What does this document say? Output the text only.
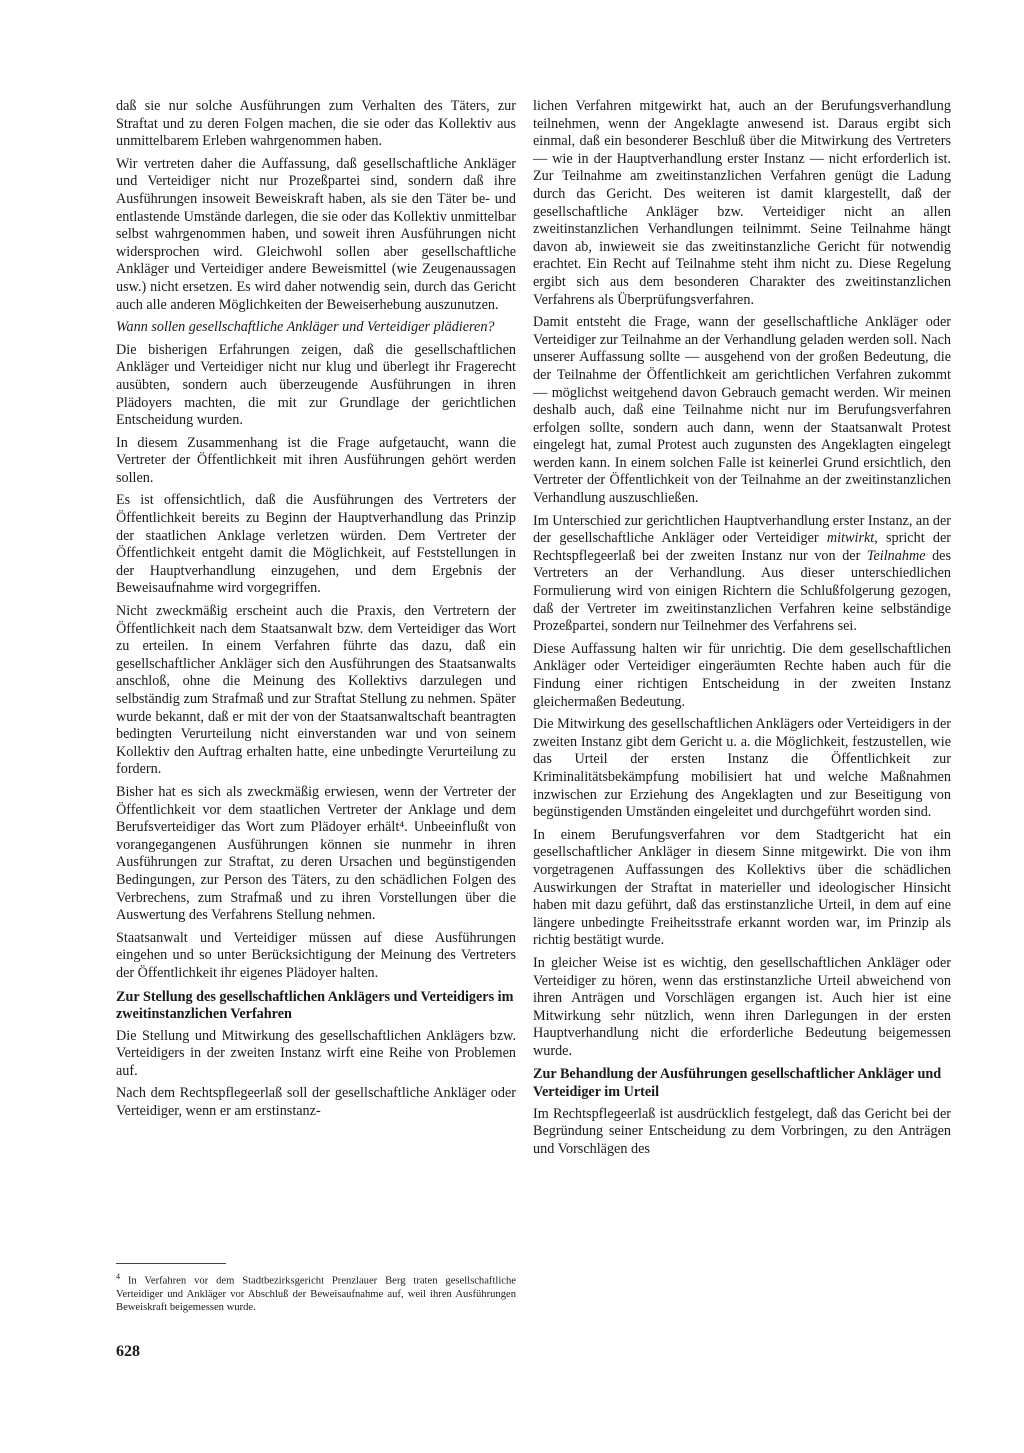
daß sie nur solche Ausführungen zum Verhalten des Täters, zur Straftat und zu deren Folgen machen, die sie oder das Kollektiv aus unmittelbarem Erleben wahrgenommen haben.

Wir vertreten daher die Auffassung, daß gesellschaftliche Ankläger und Verteidiger nicht nur Prozeßpartei sind, sondern daß ihre Ausführungen insoweit Beweiskraft haben, als sie den Täter be- und entlastende Umstände darlegen, die sie oder das Kollektiv unmittelbar selbst wahrgenommen haben, und soweit ihren Ausführungen nicht widersprochen wird. Gleichwohl sollen aber gesellschaftliche Ankläger und Verteidiger andere Beweismittel (wie Zeugenaussagen usw.) nicht ersetzen. Es wird daher notwendig sein, durch das Gericht auch alle anderen Möglichkeiten der Beweiserhebung auszunutzen.

Wann sollen gesellschaftliche Ankläger und Verteidiger plädieren?

Die bisherigen Erfahrungen zeigen, daß die gesellschaftlichen Ankläger und Verteidiger nicht nur klug und überlegt ihr Fragerecht ausübten, sondern auch überzeugende Ausführungen in ihren Plädoyers machten, die mit zur Grundlage der gerichtlichen Entscheidung wurden.

In diesem Zusammenhang ist die Frage aufgetaucht, wann die Vertreter der Öffentlichkeit mit ihren Ausführungen gehört werden sollen.

Es ist offensichtlich, daß die Ausführungen des Vertreters der Öffentlichkeit bereits zu Beginn der Hauptverhandlung das Prinzip der staatlichen Anklage verletzen würden. Dem Vertreter der Öffentlichkeit entgeht damit die Möglichkeit, auf Feststellungen in der Hauptverhandlung einzugehen, und dem Ergebnis der Beweisaufnahme wird vorgegriffen.

Nicht zweckmäßig erscheint auch die Praxis, den Vertretern der Öffentlichkeit nach dem Staatsanwalt bzw. dem Verteidiger das Wort zu erteilen. In einem Verfahren führte das dazu, daß ein gesellschaftlicher Ankläger sich den Ausführungen des Staatsanwalts anschloß, ohne die Meinung des Kollektivs darzulegen und selbständig zum Strafmaß und zur Straftat Stellung zu nehmen. Später wurde bekannt, daß er mit der von der Staatsanwaltschaft beantragten bedingten Verurteilung nicht einverstanden war und von seinem Kollektiv den Auftrag erhalten hatte, eine unbedingte Verurteilung zu fordern.

Bisher hat es sich als zweckmäßig erwiesen, wenn der Vertreter der Öffentlichkeit vor dem staatlichen Vertreter der Anklage und dem Berufsverteidiger das Wort zum Plädoyer erhält⁴. Unbeeinflußt von vorangegangenen Ausführungen können sie nunmehr in ihren Ausführungen zur Straftat, zu deren Ursachen und begünstigenden Bedingungen, zur Person des Täters, zu den schädlichen Folgen des Verbrechens, zum Strafmaß und zu ihren Vorstellungen über die Auswertung des Verfahrens Stellung nehmen.

Staatsanwalt und Verteidiger müssen auf diese Ausführungen eingehen und so unter Berücksichtigung der Meinung des Vertreters der Öffentlichkeit ihr eigenes Plädoyer halten.

Zur Stellung des gesellschaftlichen Anklägers und Verteidigers im zweitinstanzlichen Verfahren

Die Stellung und Mitwirkung des gesellschaftlichen Anklägers bzw. Verteidigers in der zweiten Instanz wirft eine Reihe von Problemen auf.

Nach dem Rechtspflegeerlaß soll der gesellschaftliche Ankläger oder Verteidiger, wenn er am erstinstanz-

lichen Verfahren mitgewirkt hat, auch an der Berufungsverhandlung teilnehmen, wenn der Angeklagte anwesend ist. Daraus ergibt sich einmal, daß ein besonderer Beschluß über die Mitwirkung des Vertreters — wie in der Hauptverhandlung erster Instanz — nicht erforderlich ist. Zur Teilnahme am zweitinstanzlichen Verfahren genügt die Ladung durch das Gericht. Des weiteren ist damit klargestellt, daß der gesellschaftliche Ankläger bzw. Verteidiger nicht an allen zweitinstanzlichen Verhandlungen teilnimmt. Seine Teilnahme hängt davon ab, inwieweit sie das zweitinstanzliche Gericht für notwendig erachtet. Ein Recht auf Teilnahme steht ihm nicht zu. Diese Regelung ergibt sich aus dem besonderen Charakter des zweitinstanzlichen Verfahrens als Überprüfungsverfahren.

Damit entsteht die Frage, wann der gesellschaftliche Ankläger oder Verteidiger zur Teilnahme an der Verhandlung geladen werden soll. Nach unserer Auffassung sollte — ausgehend von der großen Bedeutung, die der Teilnahme der Öffentlichkeit am gerichtlichen Verfahren zukommt — möglichst weitgehend davon Gebrauch gemacht werden. Wir meinen deshalb auch, daß eine Teilnahme nicht nur im Berufungsverfahren erfolgen sollte, sondern auch dann, wenn der Staatsanwalt Protest eingelegt hat, zumal Protest auch zugunsten des Angeklagten eingelegt werden kann. In einem solchen Falle ist keinerlei Grund ersichtlich, den Vertreter der Öffentlichkeit von der Teilnahme an der zweitinstanzlichen Verhandlung auszuschließen.

Im Unterschied zur gerichtlichen Hauptverhandlung erster Instanz, an der der gesellschaftliche Ankläger oder Verteidiger mitwirkt, spricht der Rechtspflegeerlaß bei der zweiten Instanz nur von der Teilnahme des Vertreters an der Verhandlung. Aus dieser unterschiedlichen Formulierung wird von einigen Richtern die Schlußfolgerung gezogen, daß der Vertreter im zweitinstanzlichen Verfahren keine selbständige Prozeßpartei, sondern nur Teilnehmer des Verfahrens sei.

Diese Auffassung halten wir für unrichtig. Die dem gesellschaftlichen Ankläger oder Verteidiger eingeräumten Rechte haben auch für die Findung einer richtigen Entscheidung in der zweiten Instanz gleichermaßen Bedeutung.

Die Mitwirkung des gesellschaftlichen Anklägers oder Verteidigers in der zweiten Instanz gibt dem Gericht u. a. die Möglichkeit, festzustellen, wie das Urteil der ersten Instanz die Öffentlichkeit zur Kriminalitätsbekämpfung mobilisiert hat und welche Maßnahmen inzwischen zur Erziehung des Angeklagten und zur Beseitigung von begünstigenden Umständen eingeleitet und durchgeführt worden sind.

In einem Berufungsverfahren vor dem Stadtgericht hat ein gesellschaftlicher Ankläger in diesem Sinne mitgewirkt. Die von ihm vorgetragenen Auffassungen des Kollektivs über die schädlichen Auswirkungen der Straftat in materieller und ideologischer Hinsicht haben mit dazu geführt, daß das erstinstanzliche Urteil, in dem auf eine längere unbedingte Freiheitsstrafe erkannt worden war, im Prinzip als richtig bestätigt wurde.

In gleicher Weise ist es wichtig, den gesellschaftlichen Ankläger oder Verteidiger zu hören, wenn das erstinstanzliche Urteil abweichend von ihren Anträgen und Vorschlägen ergangen ist. Auch hier ist eine Mitwirkung sehr nützlich, wenn ihren Darlegungen in der ersten Hauptverhandlung nicht die erforderliche Bedeutung beigemessen wurde.

Zur Behandlung der Ausführungen gesellschaftlicher Ankläger und Verteidiger im Urteil

Im Rechtspflegeerlaß ist ausdrücklich festgelegt, daß das Gericht bei der Begründung seiner Entscheidung zu dem Vorbringen, zu den Anträgen und Vorschlägen des

$^4$ In Verfahren vor dem Stadtbezirksgericht Prenzlauer Berg traten gesellschaftliche Verteidiger und Ankläger vor Abschluß der Beweisaufnahme auf, weil ihren Ausführungen Beweiskraft beigemessen wurde.

628
